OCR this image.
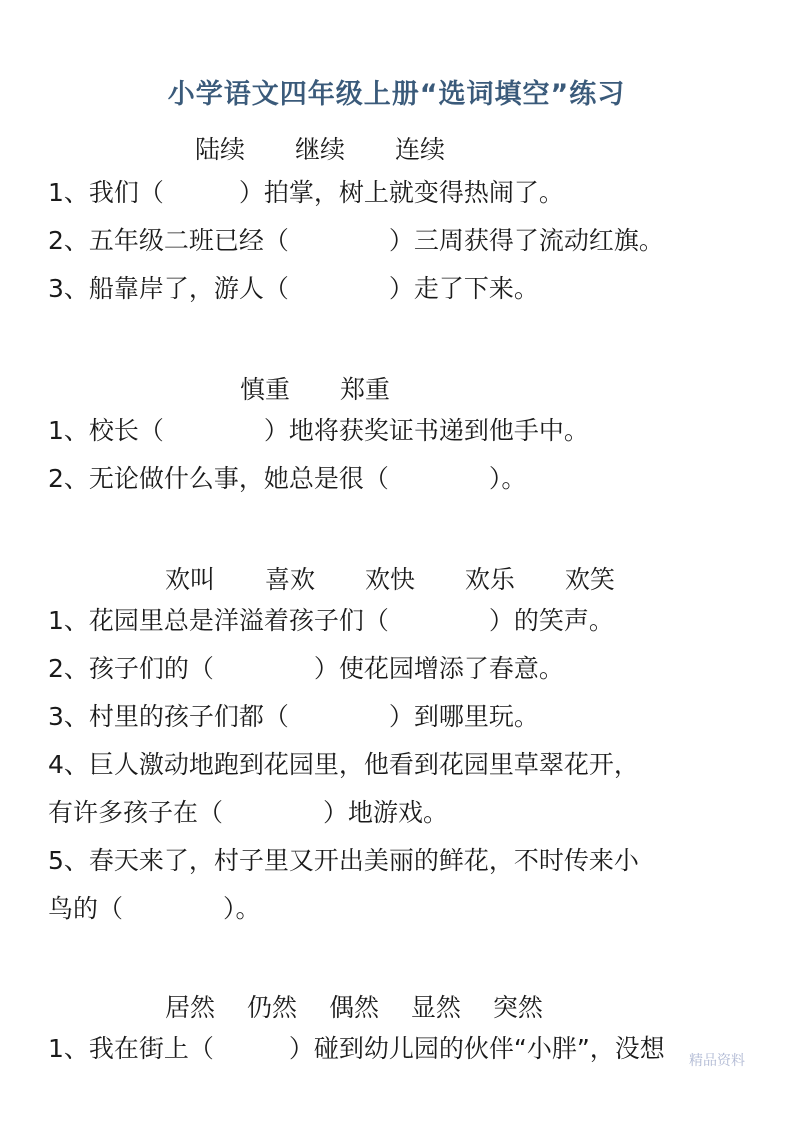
小学语文四年级上册“选词填空”练习
陆续 继续 连续
1、我们（　　　）拍掌，树上就变得热闹了。
2、五年级二班已经（　　　　）三周获得了流动红旗。
3、船靠岸了，游人（　　　　）走了下来。
慎重 郑重
1、校长（　　　　）地将获奖证书递到他手中。
2、无论做什么事，她总是很（　　　　）。
欢叫 喜欢 欢快 欢乐 欢笑
1、花园里总是洋溢着孩子们（　　　　）的笑声。
2、孩子们的（　　　　）使花园增添了春意。
3、村里的孩子们都（　　　　）到哪里玩。
4、巨人激动地跑到花园里，他看到花园里草翠花开，
有许多孩子在（　　　　）地游戏。
5、春天来了，村子里又开出美丽的鲜花，不时传来小
鸟的（　　　　）。
居然 仍然 偶然 显然 突然
1、我在街上（　　　）碰到幼儿园的伙伴“小胖”，没想 精品资料
